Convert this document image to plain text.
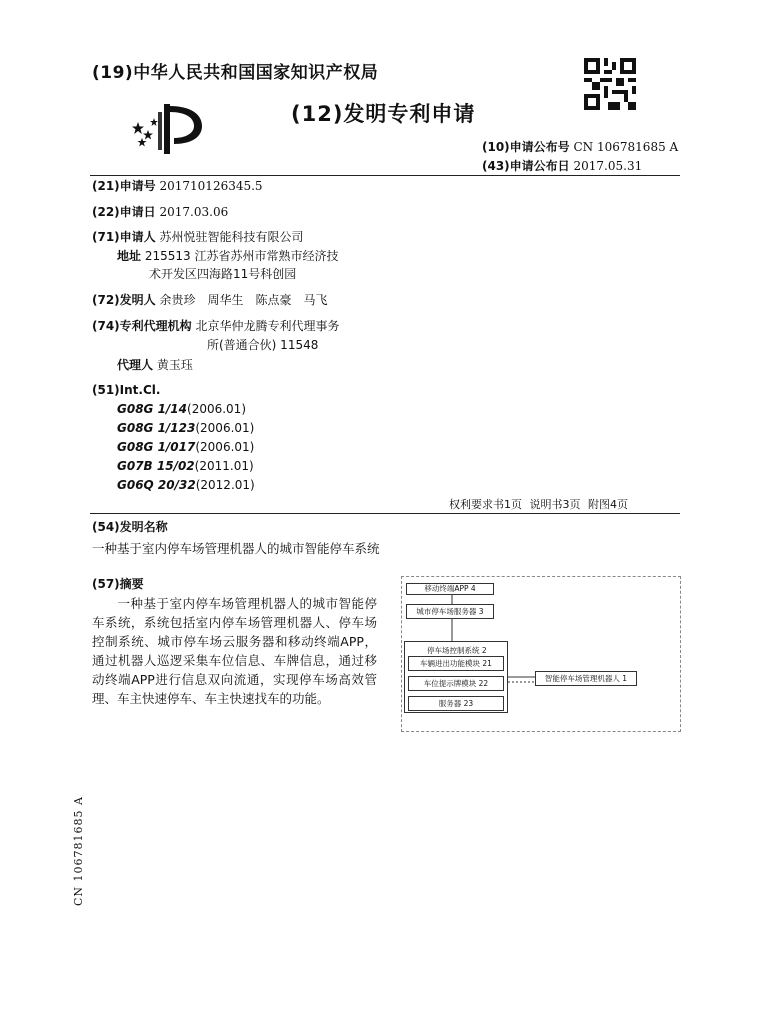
(19)中华人民共和国国家知识产权局
(12)发明专利申请
(10)申请公布号 CN 106781685 A
(43)申请公布日 2017.05.31
(21)申请号 201710126345.5
(22)申请日 2017.03.06
(71)申请人 苏州悦驻智能科技有限公司
地址 215513 江苏省苏州市常熟市经济技
术开发区四海路11号科创园
(72)发明人 余贵珍　周华生　陈点豪　马飞
(74)专利代理机构 北京华仲龙腾专利代理事务
所(普通合伙) 11548
代理人 黄玉珏
(51)Int.Cl.
G08G 1/14(2006.01)
G08G 1/123(2006.01)
G08G 1/017(2006.01)
G07B 15/02(2011.01)
G06Q 20/32(2012.01)
权利要求书1页 说明书3页 附图4页
(54)发明名称
一种基于室内停车场管理机器人的城市智能停车系统
(57)摘要
一种基于室内停车场管理机器人的城市智能停车系统，系统包括室内停车场管理机器人、停车场控制系统、城市停车场云服务器和移动终端APP，通过机器人巡逻采集车位信息、车牌信息，通过移动终端APP进行信息双向流通，实现停车场高效管理、车主快速停车、车主快速找车的功能。
移动终端APP 4
城市停车场服务器 3
停车场控制系统 2
车辆进出功能模块 21
车位提示牌模块 22
服务器 23
智能停车场管理机器人 1
CN 106781685 A
